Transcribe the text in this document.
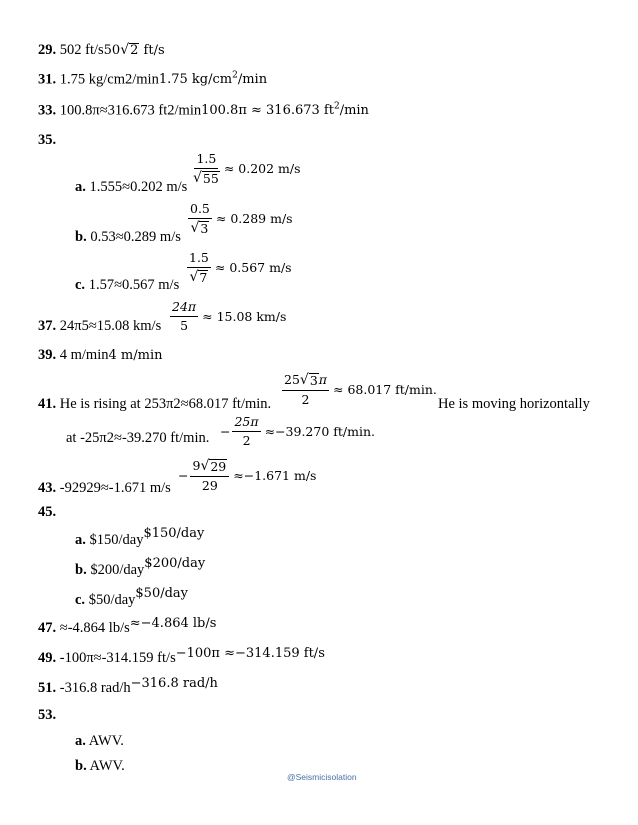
29. 502 ft/s50 √ 2 ft/s
31. 1.75 kg/cm2/min1.75 $kg/cm^2/\min$
33. 100.8π≈316.673 ft2/min100.8π ≈ 316.673 $ft^2/\min$
35.
$\frac{1.5}{√ 55} \approx 0.202$ m/s
a. 1.555≈0.202 m/s
$\frac{0.5}{√ 3} \approx 0.289$ m/s
b. 0.53≈0.289 m/s
$\frac{1.5}{√ 7} \approx 0.567$ m/s
c. 1.57≈0.567 m/s
$\frac{24\pi}{5} \approx 15.08$ km/s
37. 24π5≈15.08 km/s
39. 4 m/min4 m/min
$\frac{25 √ 3 \pi}{2} \approx 68.017$ ft/min.
41. He is rising at 253π2≈68.017 ft/min.	He is moving horizontally
− $\frac{25\pi}{2} \approx-39.270$ ft/min.
at -25π2≈-39.270 ft/min.
− $\frac{9 √ 29}{29} \approx-1.671$ m/s
43. -92929≈-1.671 m/s
45.
a. $150/day$150/day
b. $200/day$200/day
c. $50/day$50/day
47. ≈-4.864 lb/s≈−4.864 lb/s
49. -100π≈-314.159 ft/s−100π ≈−314.159 ft/s
51. -316.8 rad/h−316.8 rad/h
53.
a. AWV.
b. AWV.
@Seismicisolation
